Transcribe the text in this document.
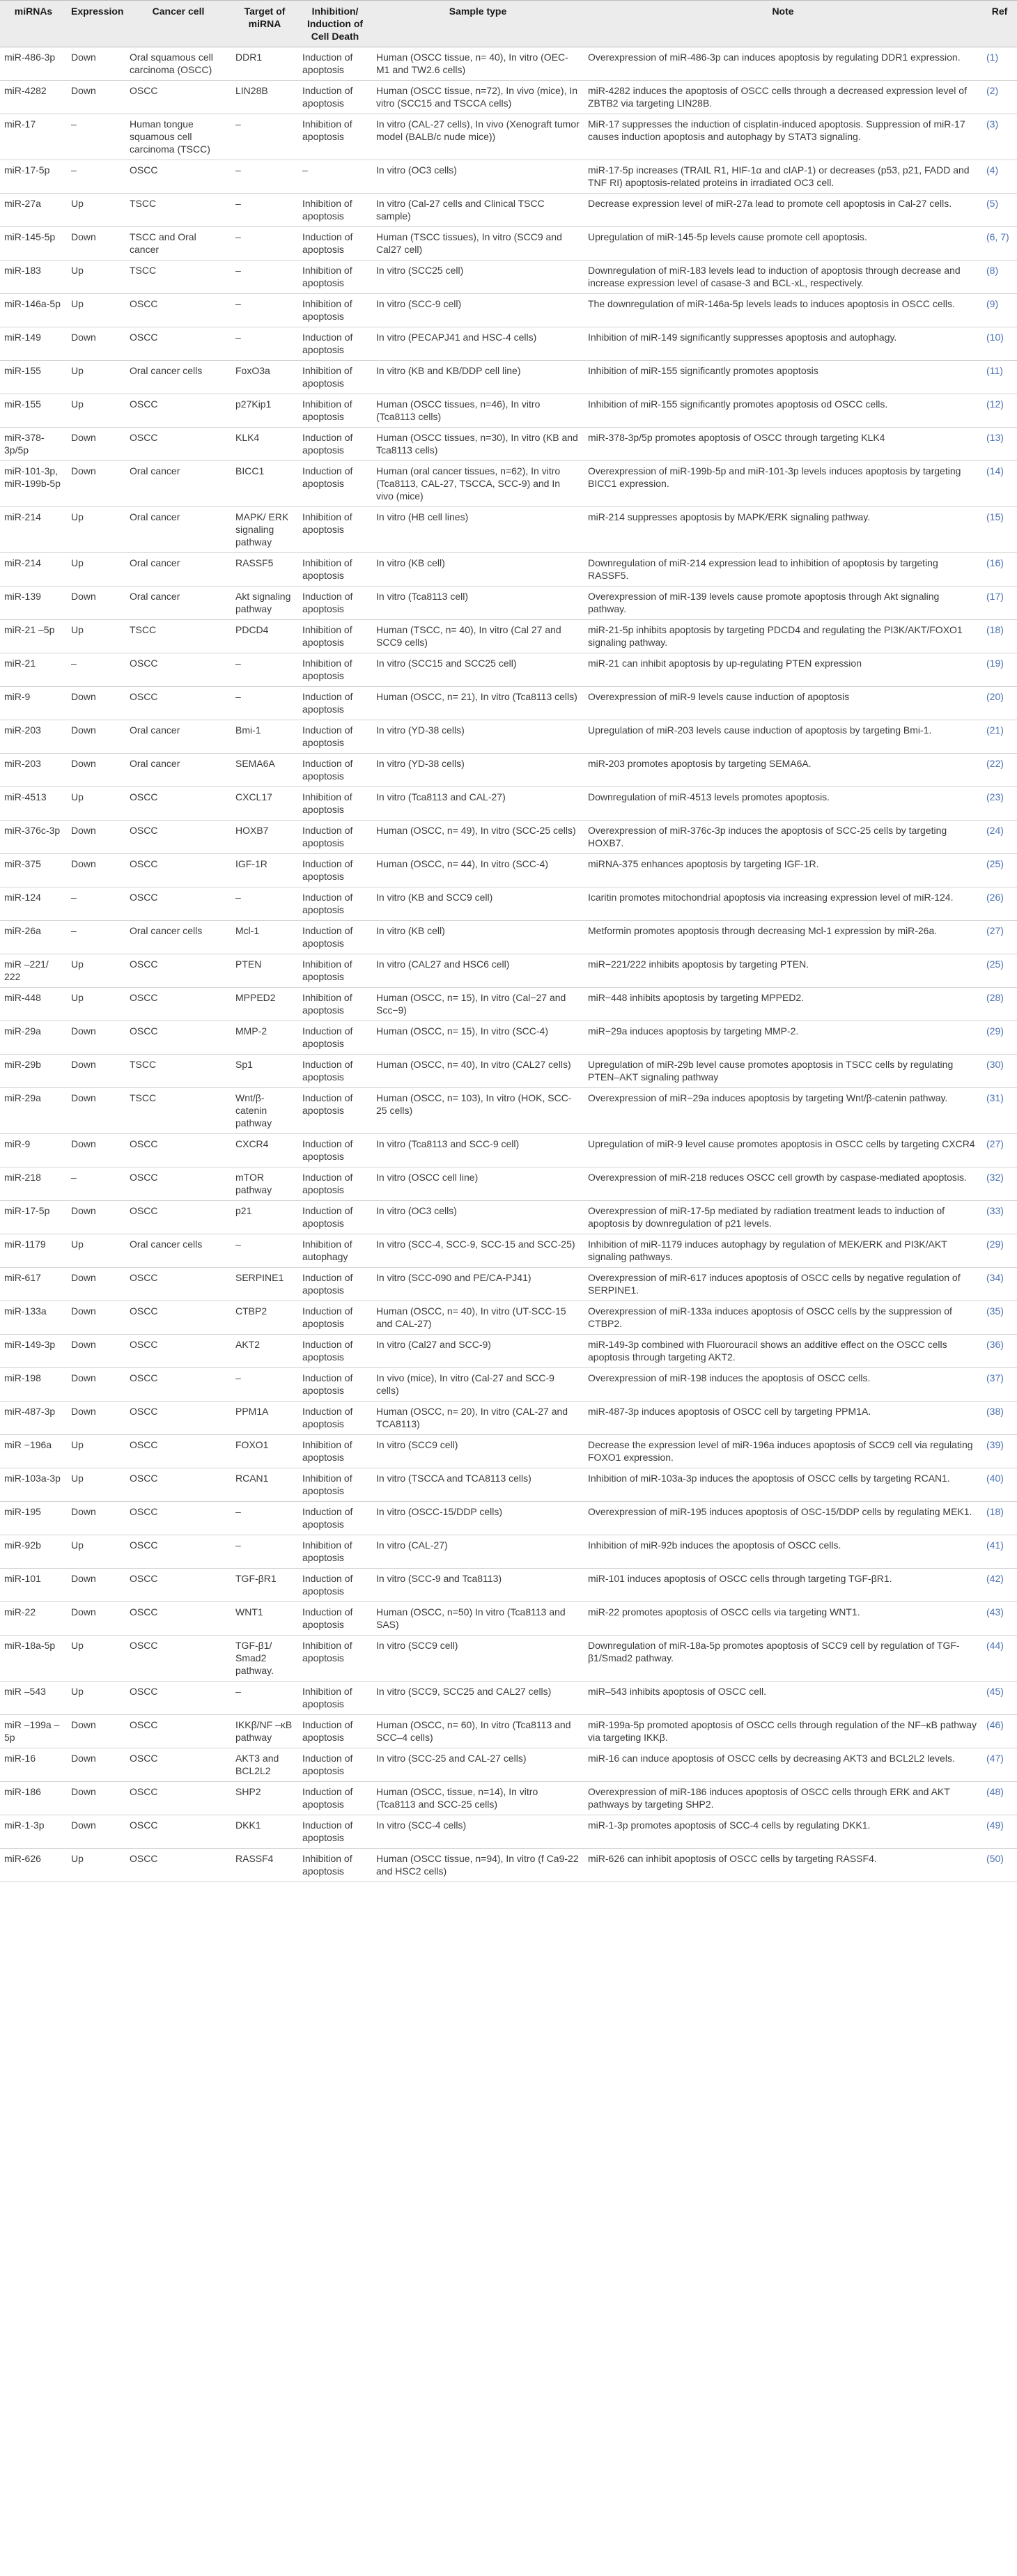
miRNAs	Expression	Cancer cell	Target of miRNA	Inhibition/ Induction of Cell Death	Sample type	Note	Ref
miR-486-3p	Down	Oral squamous cell carcinoma (OSCC)	DDR1	Induction of apoptosis	Human (OSCC tissue, n= 40), In vitro (OEC-M1 and TW2.6 cells)	Overexpression of miR-486-3p can induces apoptosis by regulating DDR1 expression.	(1)
miR-4282	Down	OSCC	LIN28B	Induction of apoptosis	Human (OSCC tissue, n=72), In vivo (mice), In vitro (SCC15 and TSCCA cells)	miR-4282 induces the apoptosis of OSCC cells through a decreased expression level of ZBTB2 via targeting LIN28B.	(2)
miR-17	–	Human tongue squamous cell carcinoma (TSCC)	–	Inhibition of apoptosis	In vitro (CAL-27 cells), In vivo (Xenograft tumor model (BALB/c nude mice))	MiR-17 suppresses the induction of cisplatin-induced apoptosis. Suppression of miR-17 causes induction apoptosis and autophagy by STAT3 signaling.	(3)
miR-17-5p	–	OSCC	–	–	In vitro (OC3 cells)	miR-17-5p increases (TRAIL R1, HIF-1α and cIAP-1) or decreases (p53, p21, FADD and TNF RI) apoptosis-related proteins in irradiated OC3 cell.	(4)
miR-27a	Up	TSCC	–	Inhibition of apoptosis	In vitro (Cal-27 cells and Clinical TSCC sample)	Decrease expression level of miR-27a lead to promote cell apoptosis in Cal-27 cells.	(5)
miR-145-5p	Down	TSCC and Oral cancer	–	Induction of apoptosis	Human (TSCC tissues), In vitro (SCC9 and Cal27 cell)	Upregulation of miR-145-5p levels cause promote cell apoptosis.	(6, 7)
miR-183	Up	TSCC	–	Inhibition of apoptosis	In vitro (SCC25 cell)	Downregulation of miR-183 levels lead to induction of apoptosis through decrease and increase expression level of casase-3 and BCL-xL, respectively.	(8)
miR-146a-5p	Up	OSCC	–	Inhibition of apoptosis	In vitro (SCC-9 cell)	The downregulation of miR-146a-5p levels leads to induces apoptosis in OSCC cells.	(9)
miR-149	Down	OSCC	–	Induction of apoptosis	In vitro (PECAPJ41 and HSC-4 cells)	Inhibition of miR-149 significantly suppresses apoptosis and autophagy.	(10)
miR-155	Up	Oral cancer cells	FoxO3a	Inhibition of apoptosis	In vitro (KB and KB/DDP cell line)	Inhibition of miR-155 significantly promotes apoptosis	(11)
miR-155	Up	OSCC	p27Kip1	Inhibition of apoptosis	Human (OSCC tissues, n=46), In vitro (Tca8113 cells)	Inhibition of miR-155 significantly promotes apoptosis od OSCC cells.	(12)
miR-378-3p/5p	Down	OSCC	KLK4	Induction of apoptosis	Human (OSCC tissues, n=30), In vitro (KB and Tca8113 cells)	miR-378-3p/5p promotes apoptosis of OSCC through targeting KLK4	(13)
miR-101-3p, miR-199b-5p	Down	Oral cancer	BICC1	Induction of apoptosis	Human (oral cancer tissues, n=62), In vitro (Tca8113, CAL-27, TSCCA, SCC-9) and In vivo (mice)	Overexpression of miR-199b-5p and miR-101-3p levels induces apoptosis by targeting BICC1 expression.	(14)
miR-214	Up	Oral cancer	MAPK/ ERK signaling pathway	Inhibition of apoptosis	In vitro (HB cell lines)	miR-214 suppresses apoptosis by MAPK/ERK signaling pathway.	(15)
miR-214	Up	Oral cancer	RASSF5	Inhibition of apoptosis	In vitro (KB cell)	Downregulation of miR-214 expression lead to inhibition of apoptosis by targeting RASSF5.	(16)
miR-139	Down	Oral cancer	Akt signaling pathway	Induction of apoptosis	In vitro (Tca8113 cell)	Overexpression of miR-139 levels cause promote apoptosis through Akt signaling pathway.	(17)
miR-21 –5p	Up	TSCC	PDCD4	Inhibition of apoptosis	Human (TSCC, n= 40), In vitro (Cal 27 and SCC9 cells)	miR-21-5p inhibits apoptosis by targeting PDCD4 and regulating the PI3K/AKT/FOXO1 signaling pathway.	(18)
miR-21	–	OSCC	–	Inhibition of apoptosis	In vitro (SCC15 and SCC25 cell)	miR-21 can inhibit apoptosis by up-regulating PTEN expression	(19)
miR-9	Down	OSCC	–	Induction of apoptosis	Human (OSCC, n= 21), In vitro (Tca8113 cells)	Overexpression of miR-9 levels cause induction of apoptosis	(20)
miR-203	Down	Oral cancer	Bmi-1	Induction of apoptosis	In vitro (YD-38 cells)	Upregulation of miR-203 levels cause induction of apoptosis by targeting Bmi-1.	(21)
miR-203	Down	Oral cancer	SEMA6A	Induction of apoptosis	In vitro (YD-38 cells)	miR-203 promotes apoptosis by targeting SEMA6A.	(22)
miR-4513	Up	OSCC	CXCL17	Inhibition of apoptosis	In vitro (Tca8113 and CAL-27)	Downregulation of miR-4513 levels promotes apoptosis.	(23)
miR-376c-3p	Down	OSCC	HOXB7	Induction of apoptosis	Human (OSCC, n= 49), In vitro (SCC-25 cells)	Overexpression of miR-376c-3p induces the apoptosis of SCC-25 cells by targeting HOXB7.	(24)
miR-375	Down	OSCC	IGF-1R	Induction of apoptosis	Human (OSCC, n= 44), In vitro (SCC-4)	miRNA-375 enhances apoptosis by targeting IGF-1R.	(25)
miR-124	–	OSCC	–	Induction of apoptosis	In vitro (KB and SCC9 cell)	Icaritin promotes mitochondrial apoptosis via increasing expression level of miR-124.	(26)
miR-26a	–	Oral cancer cells	Mcl-1	Induction of apoptosis	In vitro (KB cell)	Metformin promotes apoptosis through decreasing Mcl-1 expression by miR-26a.	(27)
miR –221/ 222	Up	OSCC	PTEN	Inhibition of apoptosis	In vitro (CAL27 and HSC6 cell)	miR−221/222 inhibits apoptosis by targeting PTEN.	(25)
miR-448	Up	OSCC	MPPED2	Inhibition of apoptosis	Human (OSCC, n= 15), In vitro (Cal−27 and Scc−9)	miR−448 inhibits apoptosis by targeting MPPED2.	(28)
miR-29a	Down	OSCC	MMP-2	Induction of apoptosis	Human (OSCC, n= 15), In vitro (SCC-4)	miR−29a induces apoptosis by targeting MMP-2.	(29)
miR-29b	Down	TSCC	Sp1	Induction of apoptosis	Human (OSCC, n= 40), In vitro (CAL27 cells)	Upregulation of miR-29b level cause promotes apoptosis in TSCC cells by regulating PTEN–AKT signaling pathway	(30)
miR-29a	Down	TSCC	Wnt/β-catenin pathway	Induction of apoptosis	Human (OSCC, n= 103), In vitro (HOK, SCC-25 cells)	Overexpression of miR−29a induces apoptosis by targeting Wnt/β-catenin pathway.	(31)
miR-9	Down	OSCC	CXCR4	Induction of apoptosis	In vitro (Tca8113 and SCC-9 cell)	Upregulation of miR-9 level cause promotes apoptosis in OSCC cells by targeting CXCR4	(27)
miR-218	–	OSCC	mTOR pathway	Induction of apoptosis	In vitro (OSCC cell line)	Overexpression of miR-218 reduces OSCC cell growth by caspase-mediated apoptosis.	(32)
miR-17-5p	Down	OSCC	p21	Induction of apoptosis	In vitro (OC3 cells)	Overexpression of miR-17-5p mediated by radiation treatment leads to induction of apoptosis by downregulation of p21 levels.	(33)
miR-1179	Up	Oral cancer cells	–	Inhibition of autophagy	In vitro (SCC-4, SCC-9, SCC-15 and SCC-25)	Inhibition of miR-1179 induces autophagy by regulation of MEK/ERK and PI3K/AKT signaling pathways.	(29)
miR-617	Down	OSCC	SERPINE1	Induction of apoptosis	In vitro (SCC-090 and PE/CA-PJ41)	Overexpression of miR-617 induces apoptosis of OSCC cells by negative regulation of SERPINE1.	(34)
miR-133a	Down	OSCC	CTBP2	Induction of apoptosis	Human (OSCC, n= 40), In vitro (UT-SCC-15 and CAL-27)	Overexpression of miR-133a induces apoptosis of OSCC cells by the suppression of CTBP2.	(35)
miR-149-3p	Down	OSCC	AKT2	Induction of apoptosis	In vitro (Cal27 and SCC-9)	miR-149-3p combined with Fluorouracil shows an additive effect on the OSCC cells apoptosis through targeting AKT2.	(36)
miR-198	Down	OSCC	–	Induction of apoptosis	In vivo (mice), In vitro (Cal-27 and SCC-9 cells)	Overexpression of miR-198 induces the apoptosis of OSCC cells.	(37)
miR-487-3p	Down	OSCC	PPM1A	Induction of apoptosis	Human (OSCC, n= 20), In vitro (CAL-27 and TCA8113)	miR-487-3p induces apoptosis of OSCC cell by targeting PPM1A.	(38)
miR −196a	Up	OSCC	FOXO1	Inhibition of apoptosis	In vitro (SCC9 cell)	Decrease the expression level of miR-196a induces apoptosis of SCC9 cell via regulating FOXO1 expression.	(39)
miR-103a-3p	Up	OSCC	RCAN1	Inhibition of apoptosis	In vitro (TSCCA and TCA8113 cells)	Inhibition of miR-103a-3p induces the apoptosis of OSCC cells by targeting RCAN1.	(40)
miR-195	Down	OSCC	–	Induction of apoptosis	In vitro (OSCC-15/DDP cells)	Overexpression of miR-195 induces apoptosis of OSC-15/DDP cells by regulating MEK1.	(18)
miR-92b	Up	OSCC	–	Inhibition of apoptosis	In vitro (CAL-27)	Inhibition of miR-92b induces the apoptosis of OSCC cells.	(41)
miR-101	Down	OSCC	TGF-βR1	Induction of apoptosis	In vitro (SCC-9 and Tca8113)	miR-101 induces apoptosis of OSCC cells through targeting TGF-βR1.	(42)
miR-22	Down	OSCC	WNT1	Induction of apoptosis	Human (OSCC, n=50) In vitro (Tca8113 and SAS)	miR-22 promotes apoptosis of OSCC cells via targeting WNT1.	(43)
miR-18a-5p	Up	OSCC	TGF-β1/ Smad2 pathway.	Inhibition of apoptosis	In vitro (SCC9 cell)	Downregulation of miR-18a-5p promotes apoptosis of SCC9 cell by regulation of TGF-β1/Smad2 pathway.	(44)
miR –543	Up	OSCC	–	Inhibition of apoptosis	In vitro (SCC9, SCC25 and CAL27 cells)	miR–543 inhibits apoptosis of OSCC cell.	(45)
miR –199a –5p	Down	OSCC	IKKβ/NF –κB pathway	Induction of apoptosis	Human (OSCC, n= 60), In vitro (Tca8113 and SCC–4 cells)	miR-199a-5p promoted apoptosis of OSCC cells through regulation of the NF–κB pathway via targeting IKKβ.	(46)
miR-16	Down	OSCC	AKT3 and BCL2L2	Induction of apoptosis	In vitro (SCC-25 and CAL-27 cells)	miR-16 can induce apoptosis of OSCC cells by decreasing AKT3 and BCL2L2 levels.	(47)
miR-186	Down	OSCC	SHP2	Induction of apoptosis	Human (OSCC, tissue, n=14), In vitro (Tca8113 and SCC-25 cells)	Overexpression of miR-186 induces apoptosis of OSCC cells through ERK and AKT pathways by targeting SHP2.	(48)
miR-1-3p	Down	OSCC	DKK1	Induction of apoptosis	In vitro (SCC-4 cells)	miR-1-3p promotes apoptosis of SCC-4 cells by regulating DKK1.	(49)
miR-626	Up	OSCC	RASSF4	Inhibition of apoptosis	Human (OSCC tissue, n=94), In vitro (f Ca9-22 and HSC2 cells)	miR-626 can inhibit apoptosis of OSCC cells by targeting RASSF4.	(50)
